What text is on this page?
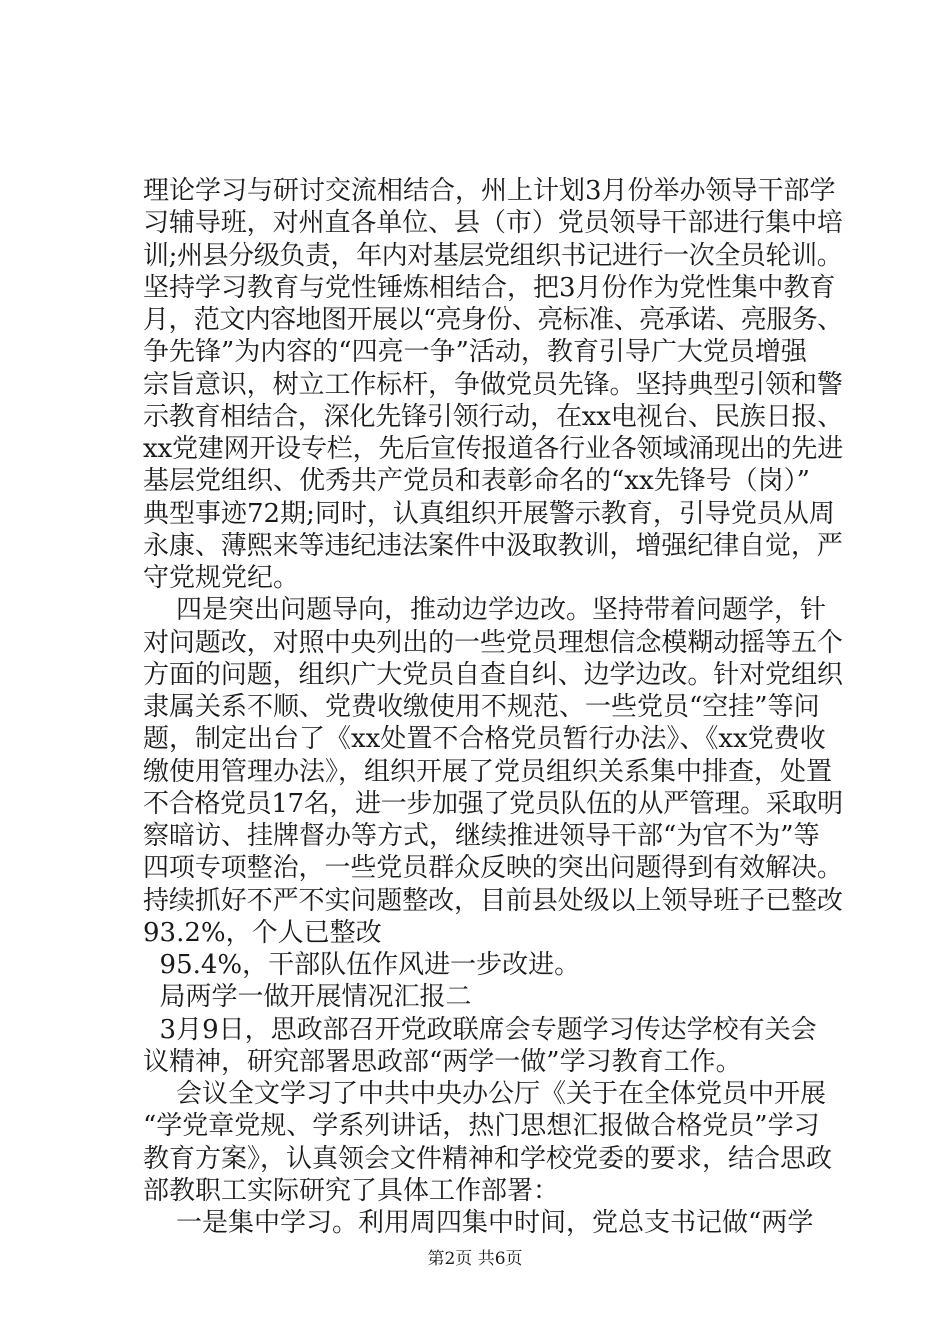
理论学习与研讨交流相结合，州上计划3月份举办领导干部学
习辅导班，对州直各单位、县（市）党员领导干部进行集中培
训;州县分级负责，年内对基层党组织书记进行一次全员轮训。
坚持学习教育与党性锤炼相结合，把3月份作为党性集中教育
月，范文内容地图开展以“亮身份、亮标准、亮承诺、亮服务、
争先锋”为内容的“四亮一争”活动，教育引导广大党员增强
宗旨意识，树立工作标杆，争做党员先锋。坚持典型引领和警
示教育相结合，深化先锋引领行动，在xx电视台、民族日报、
xx党建网开设专栏，先后宣传报道各行业各领域涌现出的先进
基层党组织、优秀共产党员和表彰命名的“xx先锋号（岗）”
典型事迹72期;同时，认真组织开展警示教育，引导党员从周
永康、薄熙来等违纪违法案件中汲取教训，增强纪律自觉，严
守党规党纪。
四是突出问题导向，推动边学边改。坚持带着问题学，针
对问题改，对照中央列出的一些党员理想信念模糊动摇等五个
方面的问题，组织广大党员自查自纠、边学边改。针对党组织
隶属关系不顺、党费收缴使用不规范、一些党员“空挂”等问
题，制定出台了《xx处置不合格党员暂行办法》、《xx党费收
缴使用管理办法》，组织开展了党员组织关系集中排查，处置
不合格党员17名，进一步加强了党员队伍的从严管理。采取明
察暗访、挂牌督办等方式，继续推进领导干部“为官不为”等
四项专项整治，一些党员群众反映的突出问题得到有效解决。
持续抓好不严不实问题整改，目前县处级以上领导班子已整改
93.2%，个人已整改
95.4%，干部队伍作风进一步改进。
局两学一做开展情况汇报二
3月9日，思政部召开党政联席会专题学习传达学校有关会
议精神，研究部署思政部“两学一做”学习教育工作。
会议全文学习了中共中央办公厅《关于在全体党员中开展
“学党章党规、学系列讲话，热门思想汇报做合格党员”学习
教育方案》，认真领会文件精神和学校党委的要求，结合思政
部教职工实际研究了具体工作部署：
一是集中学习。利用周四集中时间，党总支书记做“两学
第2页 共6页
